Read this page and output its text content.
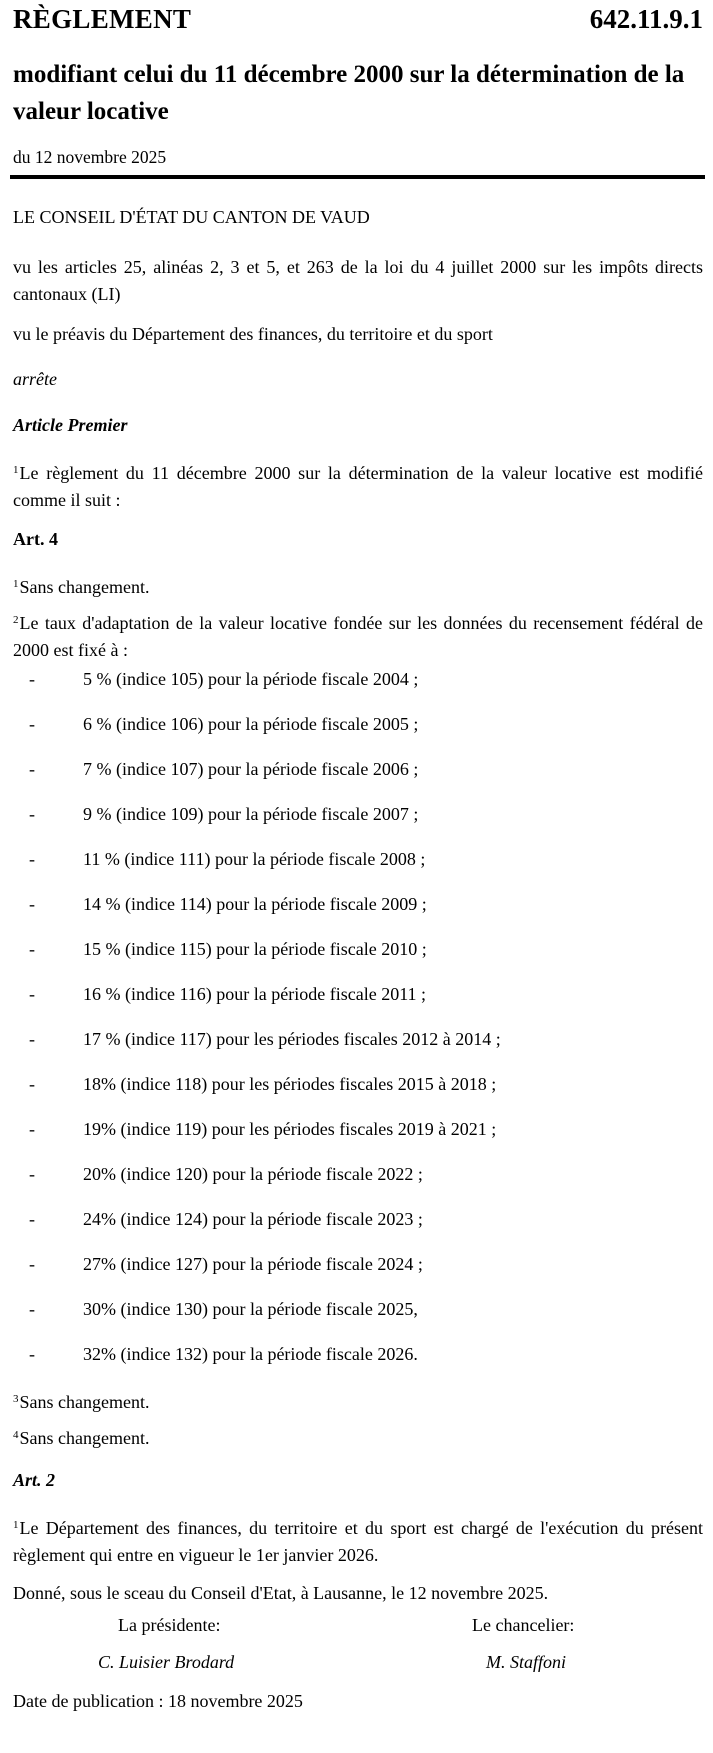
RÈGLEMENT	642.11.9.1
modifiant celui du 11 décembre 2000 sur la détermination de la valeur locative
du 12 novembre 2025

LE CONSEIL D'ÉTAT DU CANTON DE VAUD

vu les articles 25, alinéas 2, 3 et 5, et 263 de la loi du 4 juillet 2000 sur les impôts directs cantonaux (LI)

vu le préavis du Département des finances, du territoire et du sport

arrête

Article Premier

$^1$Le règlement du 11 décembre 2000 sur la détermination de la valeur locative est modifié comme il suit :

Art. 4

$^1$Sans changement.

$^2$Le taux d'adaptation de la valeur locative fondée sur les données du recensement fédéral de 2000 est fixé à :

-	5 % (indice 105) pour la période fiscale 2004 ;
-	6 % (indice 106) pour la période fiscale 2005 ;
-	7 % (indice 107) pour la période fiscale 2006 ;
-	9 % (indice 109) pour la période fiscale 2007 ;
-	11 % (indice 111) pour la période fiscale 2008 ;
-	14 % (indice 114) pour la période fiscale 2009 ;
-	15 % (indice 115) pour la période fiscale 2010 ;
-	16 % (indice 116) pour la période fiscale 2011 ;
-	17 % (indice 117) pour les périodes fiscales 2012 à 2014 ;
-	18% (indice 118) pour les périodes fiscales 2015 à 2018 ;
-	19% (indice 119) pour les périodes fiscales 2019 à 2021 ;
-	20% (indice 120) pour la période fiscale 2022 ;
-	24% (indice 124) pour la période fiscale 2023 ;
-	27% (indice 127) pour la période fiscale 2024 ;
-	30% (indice 130) pour la période fiscale 2025,
-	32% (indice 132) pour la période fiscale 2026.

$^3$Sans changement.

$^4$Sans changement.

Art. 2

$^1$Le Département des finances, du territoire et du sport est chargé de l'exécution du présent règlement qui entre en vigueur le 1er janvier 2026.

Donné, sous le sceau du Conseil d'Etat, à Lausanne, le 12 novembre 2025.

La présidente:	Le chancelier:
C. Luisier Brodard	M. Staffoni

Date de publication : 18 novembre 2025
